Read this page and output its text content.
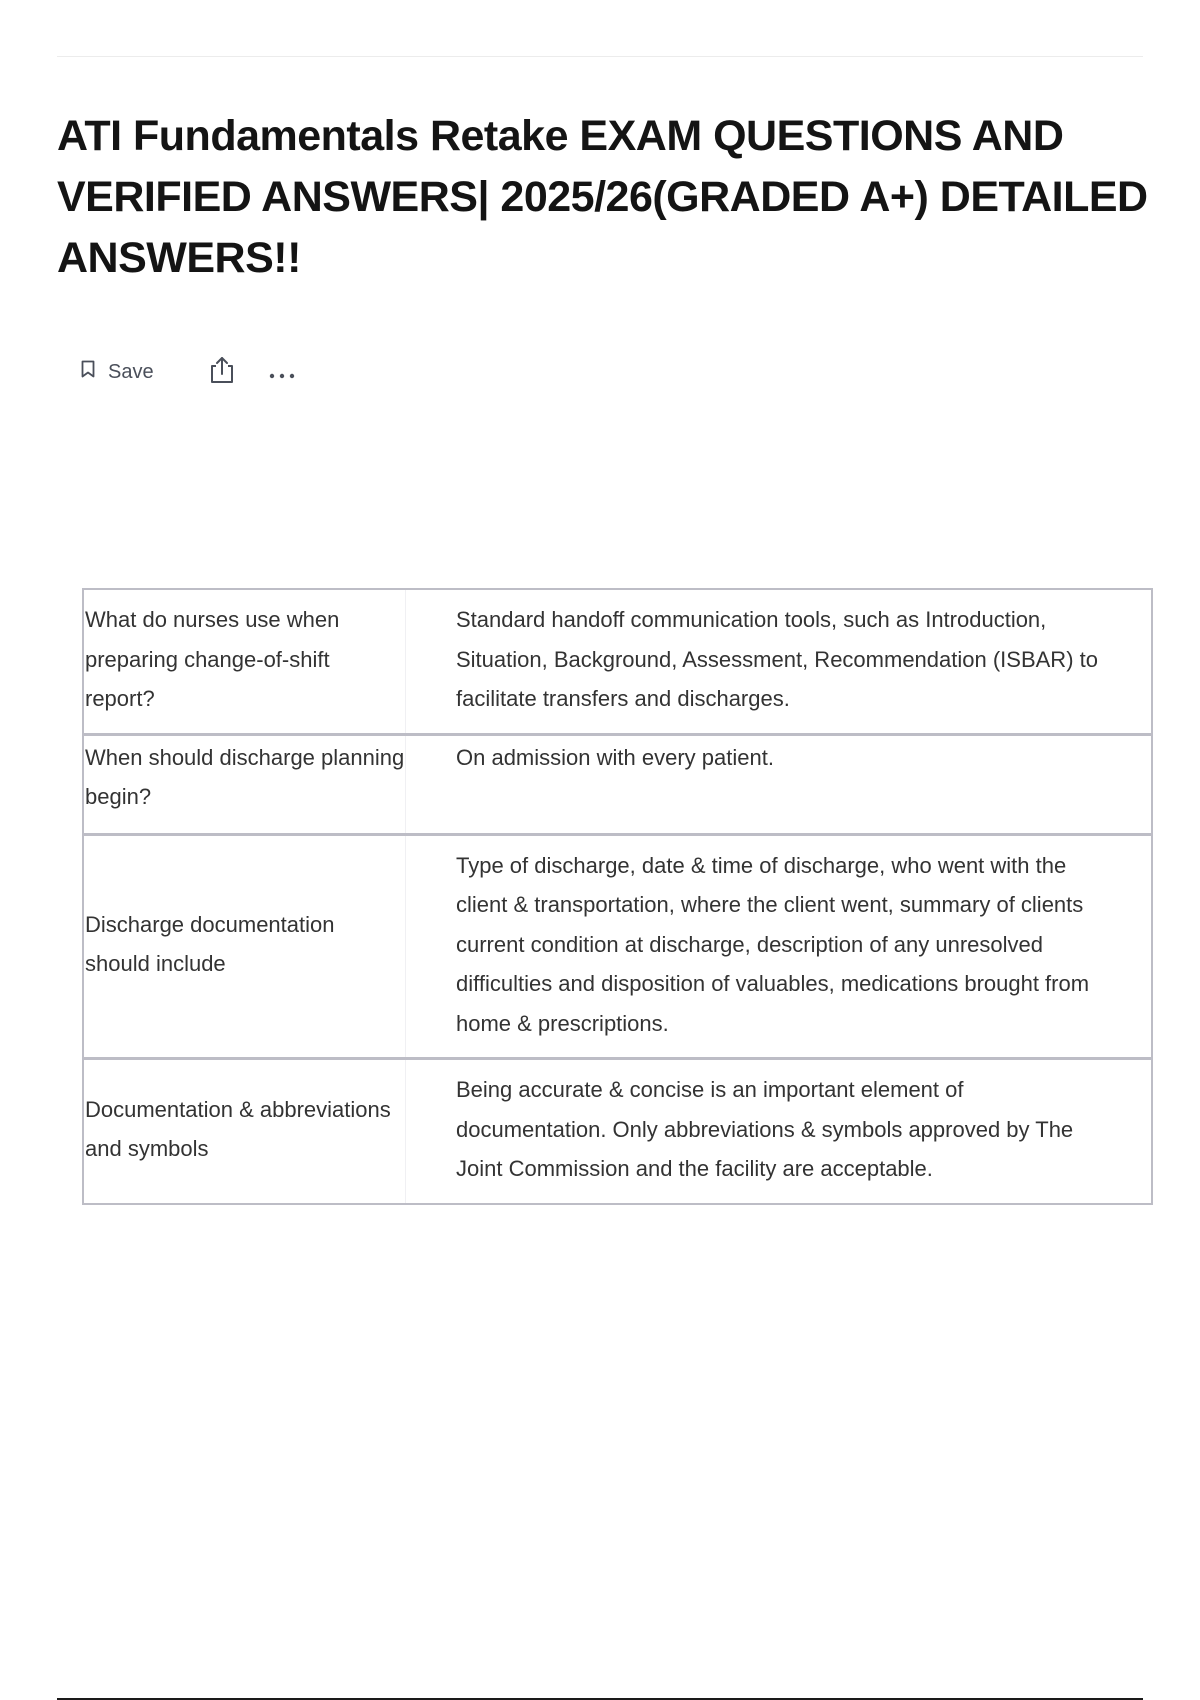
ATI Fundamentals Retake EXAM QUESTIONS AND VERIFIED ANSWERS| 2025/26(GRADED A+) DETAILED ANSWERS!!
Save
What do nurses use when preparing change-of-shift report?	Standard handoff communication tools, such as Introduction, Situation, Background, Assessment, Recommendation (ISBAR) to facilitate transfers and discharges.
When should discharge planning begin?	On admission with every patient.
Discharge documentation should include	Type of discharge, date & time of discharge, who went with the client & transportation, where the client went, summary of clients current condition at discharge, description of any unresolved difficulties and disposition of valuables, medications brought from home & prescriptions.
Documentation & abbreviations and symbols	Being accurate & concise is an important element of documentation. Only abbreviations & symbols approved by The Joint Commission and the facility are acceptable.
